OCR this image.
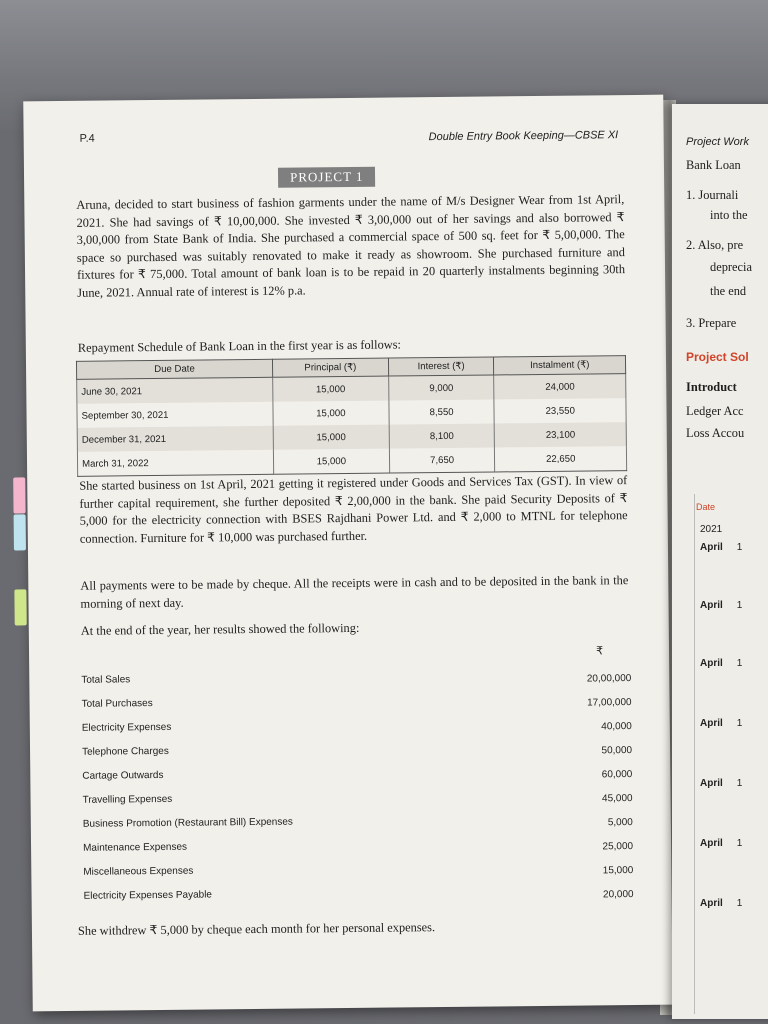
P.4	Double Entry Book Keeping—CBSE XI
PROJECT 1
Aruna, decided to start business of fashion garments under the name of M/s Designer Wear from 1st April, 2021. She had savings of ₹ 10,00,000. She invested ₹ 3,00,000 out of her savings and also borrowed ₹ 3,00,000 from State Bank of India. She purchased a commercial space of 500 sq. feet for ₹ 5,00,000. The space so purchased was suitably renovated to make it ready as showroom. She purchased furniture and fixtures for ₹ 75,000. Total amount of bank loan is to be repaid in 20 quarterly instalments beginning 30th June, 2021. Annual rate of interest is 12% p.a.
Repayment Schedule of Bank Loan in the first year is as follows:
Due Date	Principal (₹)	Interest (₹)	Instalment (₹)
June 30, 2021	15,000	9,000	24,000
September 30, 2021	15,000	8,550	23,550
December 31, 2021	15,000	8,100	23,100
March 31, 2022	15,000	7,650	22,650
She started business on 1st April, 2021 getting it registered under Goods and Services Tax (GST). In view of further capital requirement, she further deposited ₹ 2,00,000 in the bank. She paid Security Deposits of ₹ 5,000 for the electricity connection with BSES Rajdhani Power Ltd. and ₹ 2,000 to MTNL for telephone connection. Furniture for ₹ 10,000 was purchased further.
All payments were to be made by cheque. All the receipts were in cash and to be deposited in the bank in the morning of next day.
At the end of the year, her results showed the following:
₹
Total Sales	20,00,000
Total Purchases	17,00,000
Electricity Expenses	40,000
Telephone Charges	50,000
Cartage Outwards	60,000
Travelling Expenses	45,000
Business Promotion (Restaurant Bill) Expenses	5,000
Maintenance Expenses	25,000
Miscellaneous Expenses	15,000
Electricity Expenses Payable	20,000
She withdrew ₹ 5,000 by cheque each month for her personal expenses.
Project Work
Bank Loan
1. Journali
into the
2. Also, pre
deprecia
the end
3. Prepare
Project Sol
Introduct
Ledger Acc
Loss Accou
Date
2021
April 1
April 1
April 1
April 1
April 1
April 1
April 1
